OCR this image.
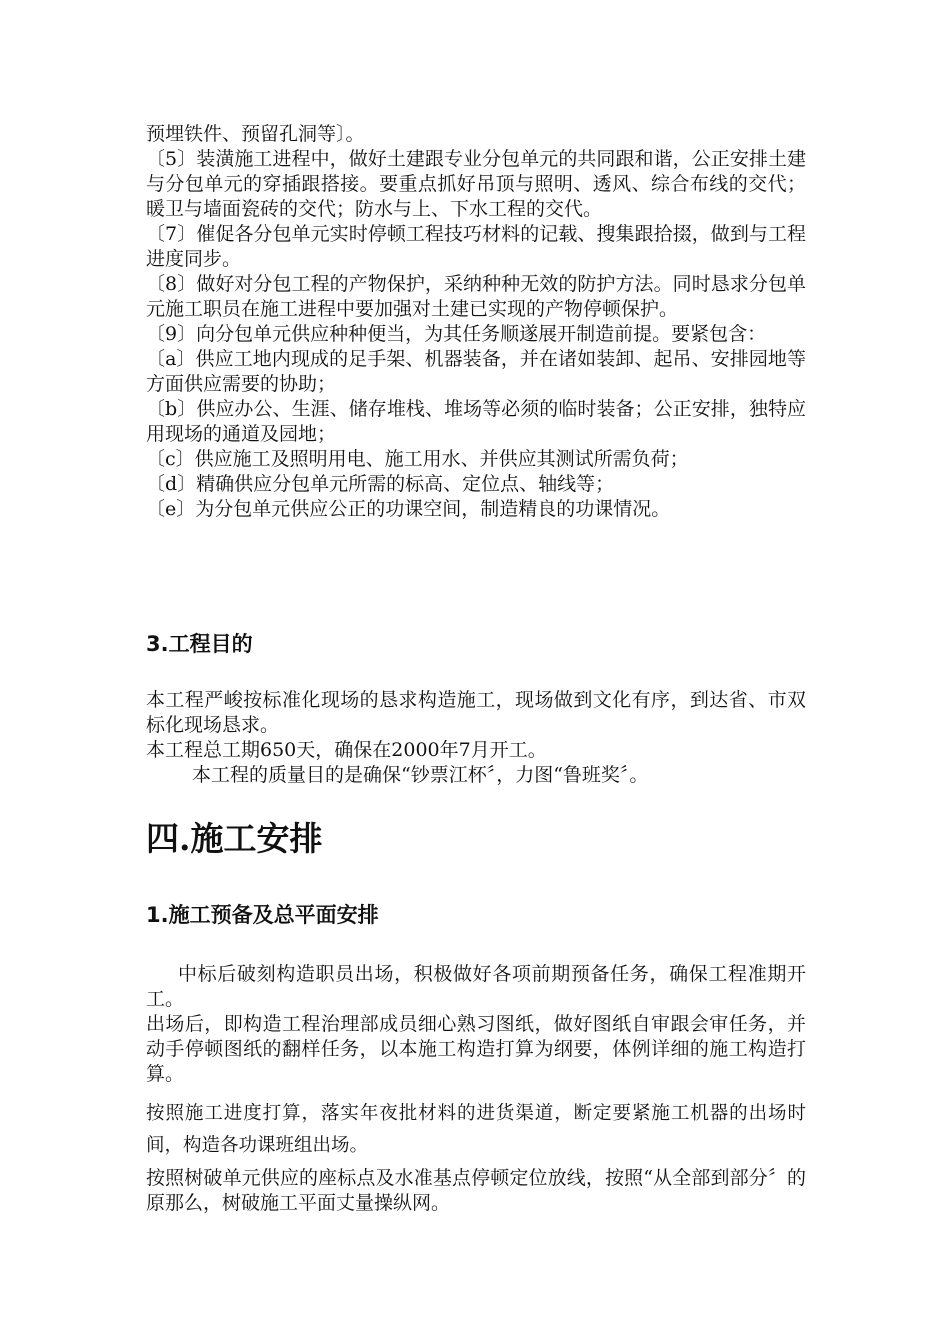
预埋铁件、预留孔洞等〕。

〔5〕装潢施工进程中，做好土建跟专业分包单元的共同跟和谐，公正安排土建与分包单元的穿插跟搭接。要重点抓好吊顶与照明、透风、综合布线的交代；暖卫与墙面瓷砖的交代；防水与上、下水工程的交代。

〔7〕催促各分包单元实时停顿工程技巧材料的记载、搜集跟拾掇，做到与工程进度同步。

〔8〕做好对分包工程的产物保护，采纳种种无效的防护方法。同时恳求分包单元施工职员在施工进程中要加强对土建已实现的产物停顿保护。

〔9〕向分包单元供应种种便当，为其任务顺遂展开制造前提。要紧包含：

〔a〕供应工地内现成的足手架、机器装备，并在诸如装卸、起吊、安排园地等方面供应需要的协助；

〔b〕供应办公、生涯、储存堆栈、堆场等必须的临时装备；公正安排，独特应用现场的通道及园地；

〔c〕供应施工及照明用电、施工用水、并供应其测试所需负荷；

〔d〕精确供应分包单元所需的标高、定位点、轴线等；

〔e〕为分包单元供应公正的功课空间，制造精良的功课情况。

3.工程目的

本工程严峻按标准化现场的恳求构造施工，现场做到文化有序，到达省、市双标化现场恳求。

本工程总工期650天，确保在2000年7月开工。

本工程的质量目的是确保“钞票江杯〞，力图“鲁班奖〞。

四.施工安排
1.施工预备及总平面安排

中标后破刻构造职员出场，积极做好各项前期预备任务，确保工程准期开工。

出场后，即构造工程治理部成员细心熟习图纸，做好图纸自审跟会审任务，并动手停顿图纸的翻样任务，以本施工构造打算为纲要，体例详细的施工构造打算。

按照施工进度打算，落实年夜批材料的进货渠道，断定要紧施工机器的出场时间，构造各功课班组出场。

按照树破单元供应的座标点及水准基点停顿定位放线，按照“从全部到部分〞的原那么，树破施工平面丈量操纵网。
